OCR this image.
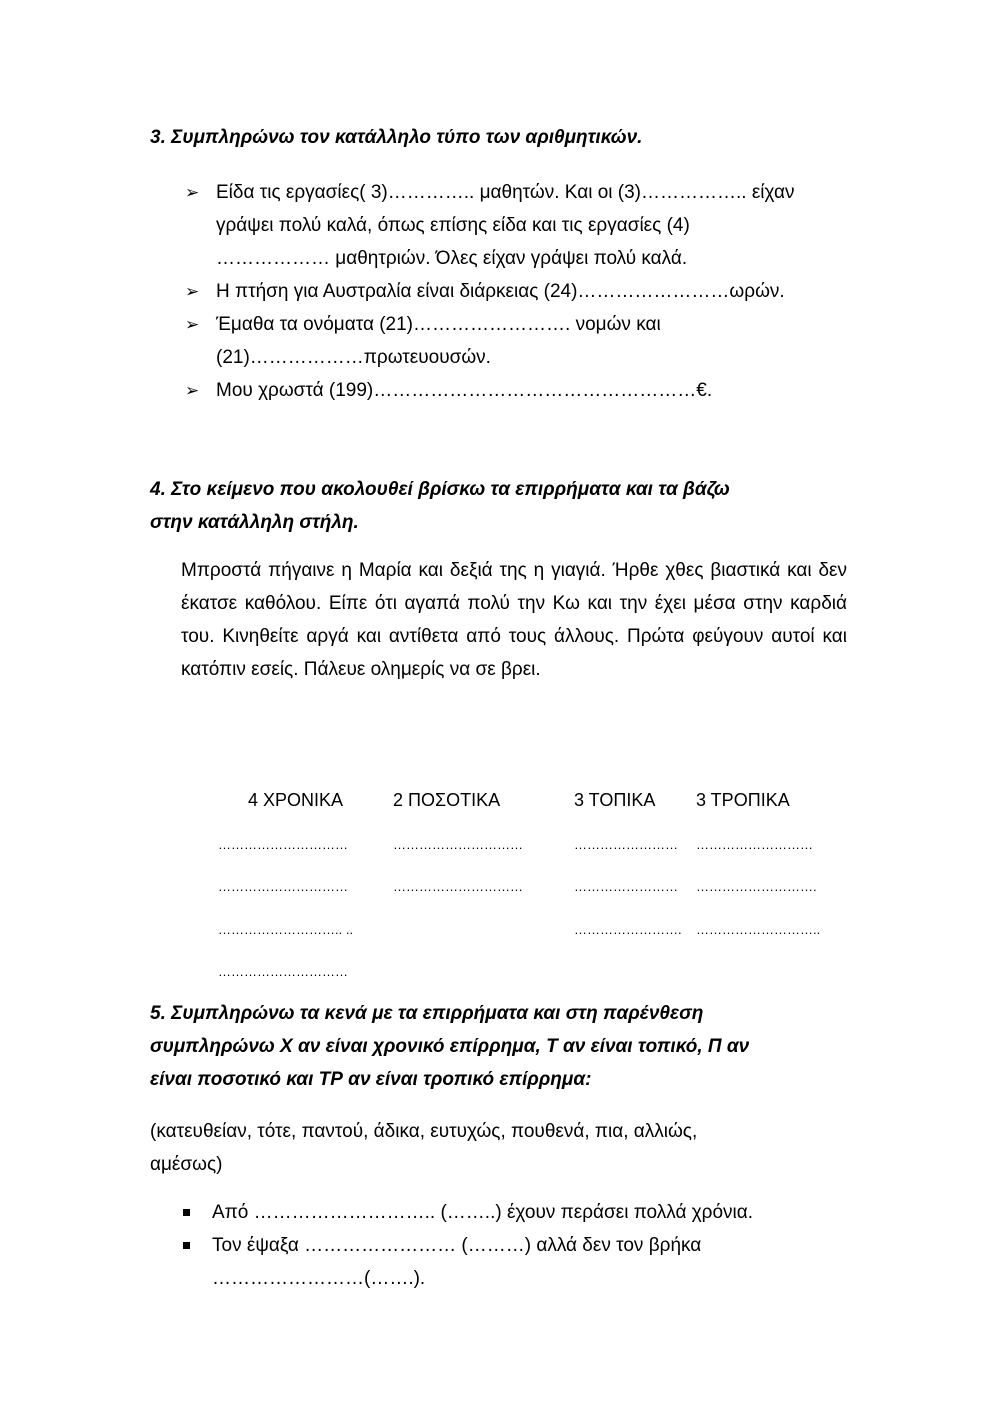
3. Συμπληρώνω τον κατάλληλο τύπο των αριθμητικών.

➢ Είδα τις εργασίες( 3)………….. μαθητών. Και οι (3)…………….. είχαν
γράψει πολύ καλά, όπως επίσης είδα και τις εργασίες (4)
……………… μαθητριών. Όλες είχαν γράψει πολύ καλά.
➢ Η πτήση για Αυστραλία είναι διάρκειας (24)……………………ωρών.
➢ Έμαθα τα ονόματα (21)……………………. νομών και
(21)………………πρωτευουσών.
➢ Μου χρωστά (199)……………………………………………€.

4. Στο κείμενο που ακολουθεί βρίσκω τα επιρρήματα και τα βάζω
στην κατάλληλη στήλη.

Μπροστά πήγαινε η Μαρία και δεξιά της η γιαγιά. Ήρθε χθες βιαστικά και δεν έκατσε καθόλου. Είπε ότι αγαπά πολύ την Κω και την έχει μέσα στην καρδιά του. Κινηθείτε αργά και αντίθετα από τους άλλους. Πρώτα φεύγουν αυτοί και κατόπιν εσείς. Πάλευε ολημερίς να σε βρει.

4 ΧΡΟΝΙΚΑ	2 ΠΟΣΟΤΙΚΑ	3 ΤΟΠΙΚΑ 3 ΤΡΟΠΙΚΑ
…………………………
…………………………
……………………….. ..
…………………………
…………………………
…………………………
……………………
……………………
…………………….
………………………
……………………….
………………………..

5. Συμπληρώνω τα κενά με τα επιρρήματα και στη παρένθεση
συμπληρώνω Χ αν είναι χρονικό επίρρημα, Τ αν είναι τοπικό, Π αν
είναι ποσοτικό και ΤΡ αν είναι τροπικό επίρρημα:

(κατευθείαν, τότε, παντού, άδικα, ευτυχώς, πουθενά, πια, αλλιώς,
αμέσως)

Από ……………………….. (……..) έχουν περάσει πολλά χρόνια.
Τον έψαξα …………………… (………) αλλά δεν τον βρήκα
……………………(…….).
